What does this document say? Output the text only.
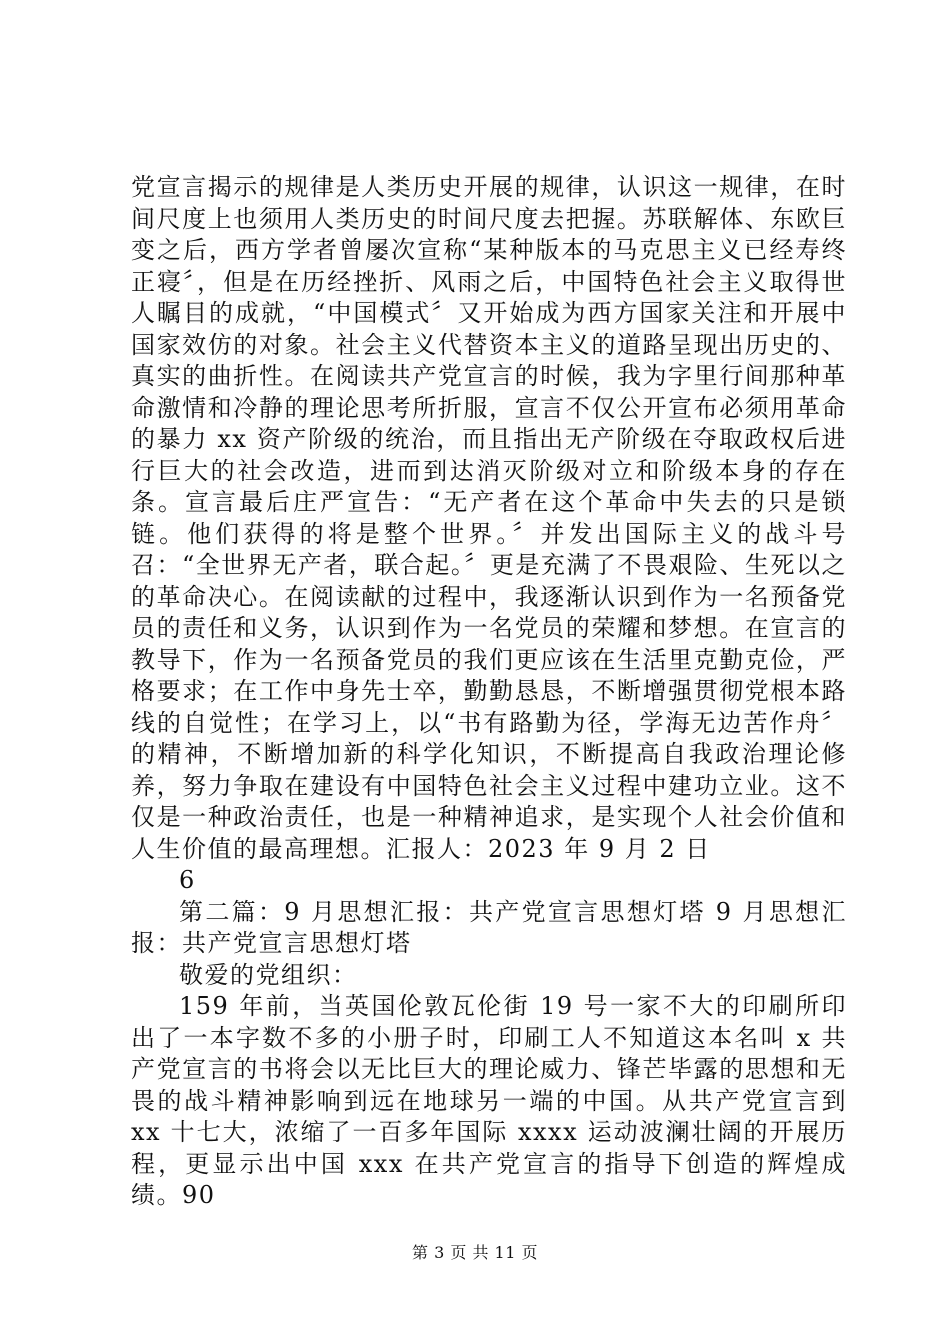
党宣言揭示的规律是人类历史开展的规律，认识这一规律，在时间尺度上也须用人类历史的时间尺度去把握。苏联解体、东欧巨变之后，西方学者曾屡次宣称“某种版本的马克思主义已经寿终正寝〞，但是在历经挫折、风雨之后，中国特色社会主义取得世人瞩目的成就，“中国模式〞又开始成为西方国家关注和开展中国家效仿的对象。社会主义代替资本主义的道路呈现出历史的、真实的曲折性。在阅读共产党宣言的时候，我为字里行间那种革命激情和冷静的理论思考所折服，宣言不仅公开宣布必须用革命的暴力 xx 资产阶级的统治，而且指出无产阶级在夺取政权后进行巨大的社会改造，进而到达消灭阶级对立和阶级本身的存在条。宣言最后庄严宣告：“无产者在这个革命中失去的只是锁链。他们获得的将是整个世界。〞并发出国际主义的战斗号召：“全世界无产者，联合起。〞更是充满了不畏艰险、生死以之的革命决心。在阅读献的过程中，我逐渐认识到作为一名预备党员的责任和义务，认识到作为一名党员的荣耀和梦想。在宣言的教导下，作为一名预备党员的我们更应该在生活里克勤克俭，严格要求；在工作中身先士卒，勤勤恳恳，不断增强贯彻党根本路线的自觉性；在学习上，以“书有路勤为径，学海无边苦作舟〞的精神，不断增加新的科学化知识，不断提高自我政治理论修养，努力争取在建设有中国特色社会主义过程中建功立业。这不仅是一种政治责任，也是一种精神追求，是实现个人社会价值和人生价值的最高理想。汇报人：2023 年 9 月 2 日

6

第二篇：9 月思想汇报：共产党宣言思想灯塔 9 月思想汇报：共产党宣言思想灯塔

敬爱的党组织：

159 年前，当英国伦敦瓦伦街 19 号一家不大的印刷所印出了一本字数不多的小册子时，印刷工人不知道这本名叫 x 共产党宣言的书将会以无比巨大的理论威力、锋芒毕露的思想和无畏的战斗精神影响到远在地球另一端的中国。从共产党宣言到 xx 十七大，浓缩了一百多年国际 xxxx 运动波澜壮阔的开展历程，更显示出中国 xxx 在共产党宣言的指导下创造的辉煌成绩。90

第 3 页 共 11 页
